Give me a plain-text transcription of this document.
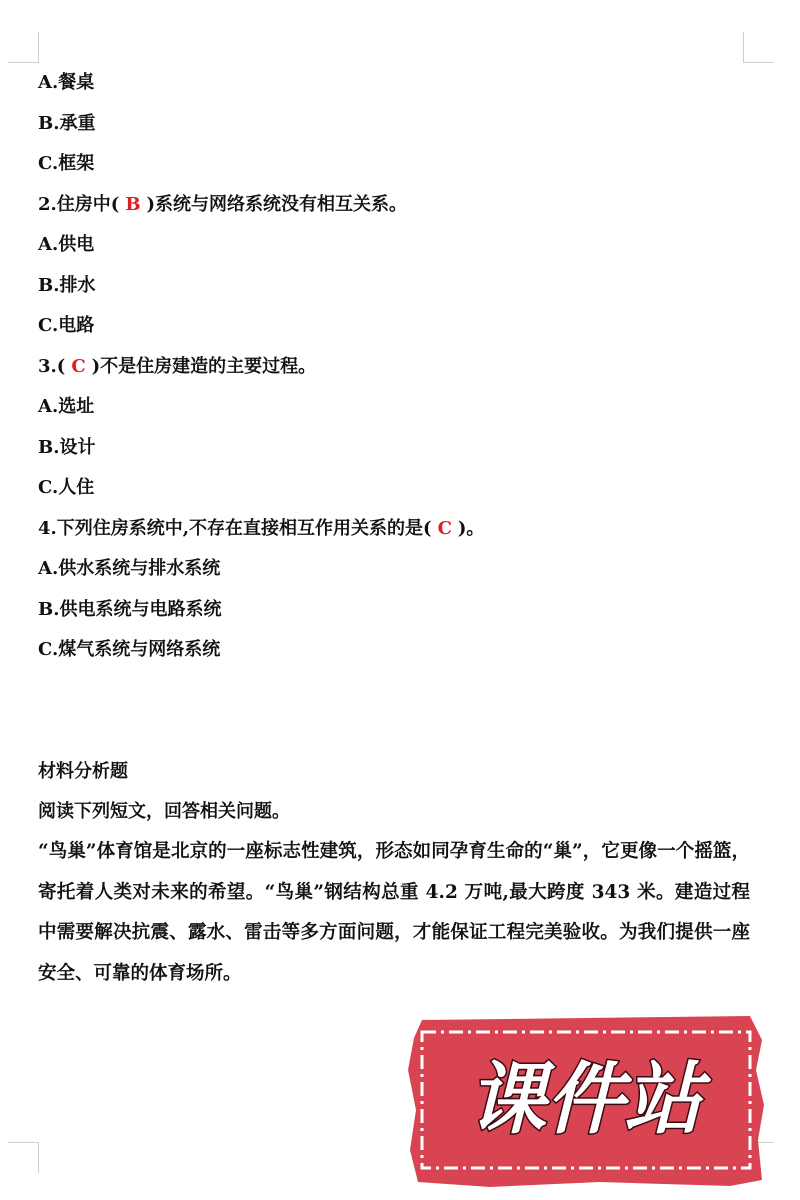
A.餐桌
B.承重
C.框架
2.住房中( B )系统与网络系统没有相互关系。
A.供电
B.排水
C.电路
3.( C )不是住房建造的主要过程。
A.选址
B.设计
C.人住
4.下列住房系统中,不存在直接相互作用关系的是( C )。
A.供水系统与排水系统
B.供电系统与电路系统
C.煤气系统与网络系统
材料分析题
阅读下列短文，回答相关问题。
“鸟巢”体育馆是北京的一座标志性建筑，形态如同孕育生命的“巢”，它更像一个摇篮，寄托着人类对未来的希望。“鸟巢”钢结构总重 4.2 万吨,最大跨度 343 米。建造过程中需要解决抗震、露水、雷击等多方面问题，才能保证工程完美验收。为我们提供一座安全、可靠的体育场所。
课件站
